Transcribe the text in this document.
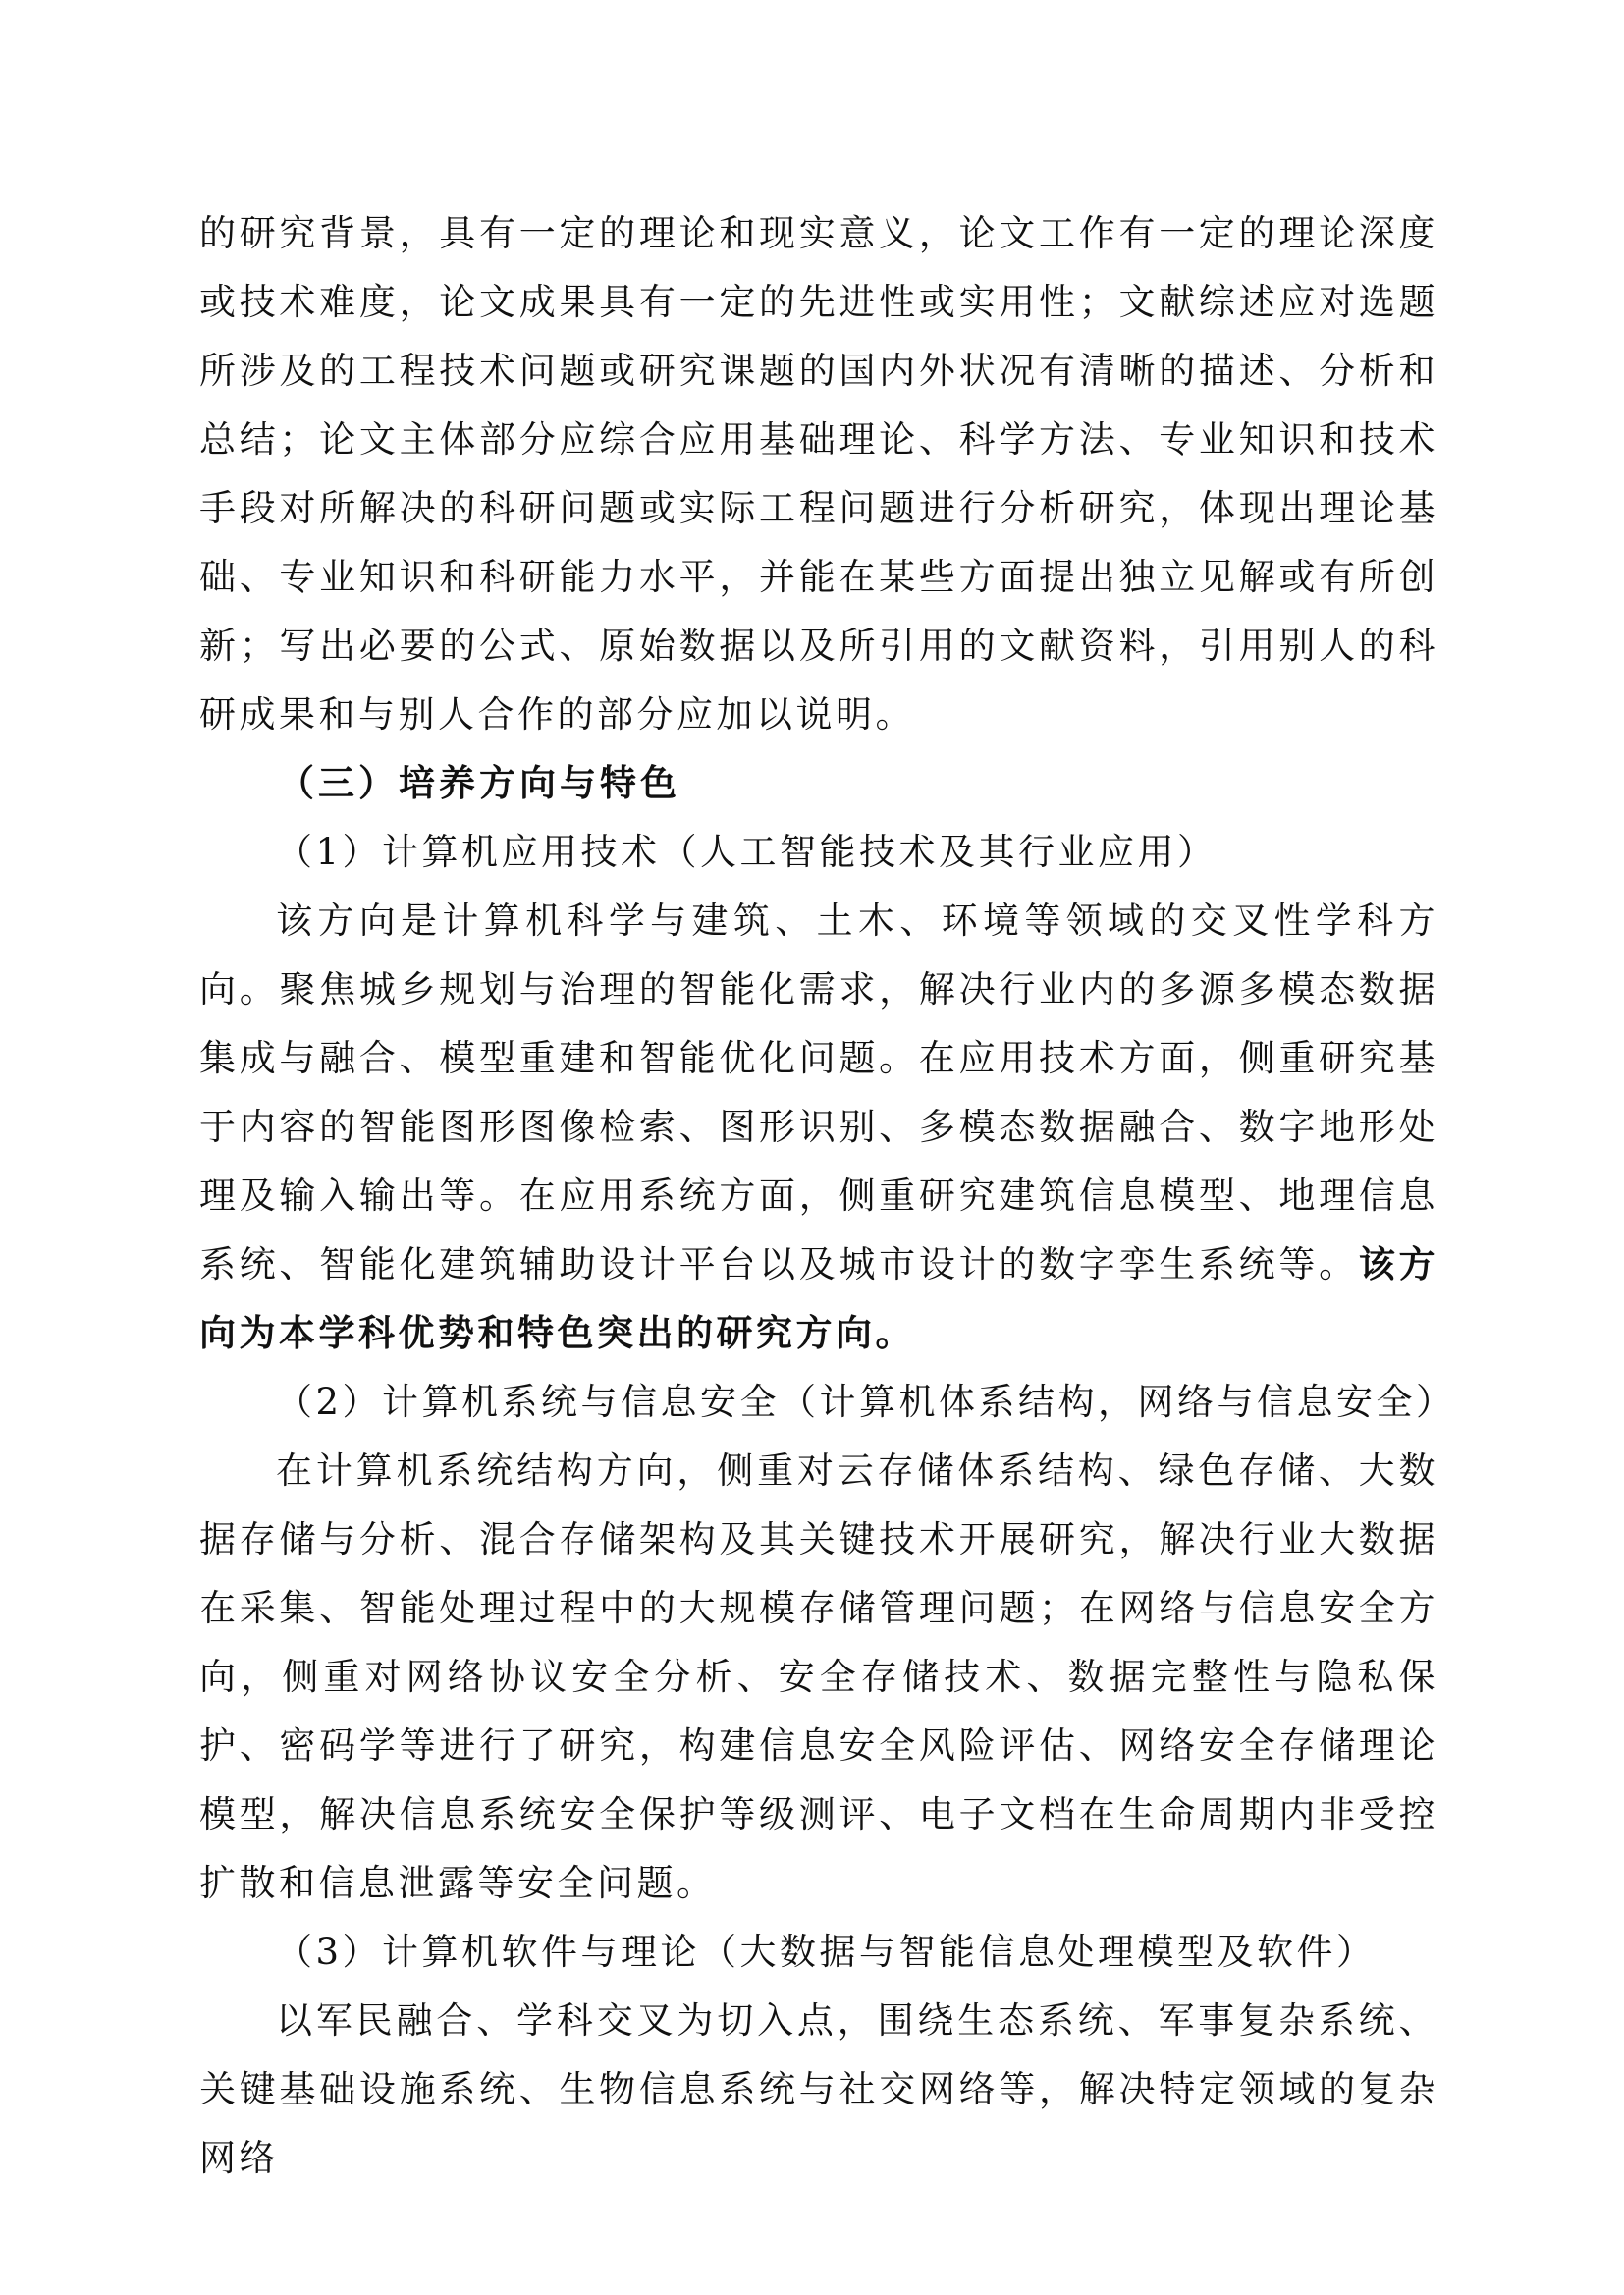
的研究背景，具有一定的理论和现实意义，论文工作有一定的理论深度或技术难度，论文成果具有一定的先进性或实用性；文献综述应对选题所涉及的工程技术问题或研究课题的国内外状况有清晰的描述、分析和总结；论文主体部分应综合应用基础理论、科学方法、专业知识和技术手段对所解决的科研问题或实际工程问题进行分析研究，体现出理论基础、专业知识和科研能力水平，并能在某些方面提出独立见解或有所创新；写出必要的公式、原始数据以及所引用的文献资料，引用别人的科研成果和与别人合作的部分应加以说明。

（三）培养方向与特色

（1）计算机应用技术（人工智能技术及其行业应用）

该方向是计算机科学与建筑、土木、环境等领域的交叉性学科方向。聚焦城乡规划与治理的智能化需求，解决行业内的多源多模态数据集成与融合、模型重建和智能优化问题。在应用技术方面，侧重研究基于内容的智能图形图像检索、图形识别、多模态数据融合、数字地形处理及输入输出等。在应用系统方面，侧重研究建筑信息模型、地理信息系统、智能化建筑辅助设计平台以及城市设计的数字孪生系统等。该方向为本学科优势和特色突出的研究方向。

（2）计算机系统与信息安全（计算机体系结构，网络与信息安全）

在计算机系统结构方向，侧重对云存储体系结构、绿色存储、大数据存储与分析、混合存储架构及其关键技术开展研究，解决行业大数据在采集、智能处理过程中的大规模存储管理问题；在网络与信息安全方向，侧重对网络协议安全分析、安全存储技术、数据完整性与隐私保护、密码学等进行了研究，构建信息安全风险评估、网络安全存储理论模型，解决信息系统安全保护等级测评、电子文档在生命周期内非受控扩散和信息泄露等安全问题。

（3）计算机软件与理论（大数据与智能信息处理模型及软件）

以军民融合、学科交叉为切入点，围绕生态系统、军事复杂系统、关键基础设施系统、生物信息系统与社交网络等，解决特定领域的复杂网络
